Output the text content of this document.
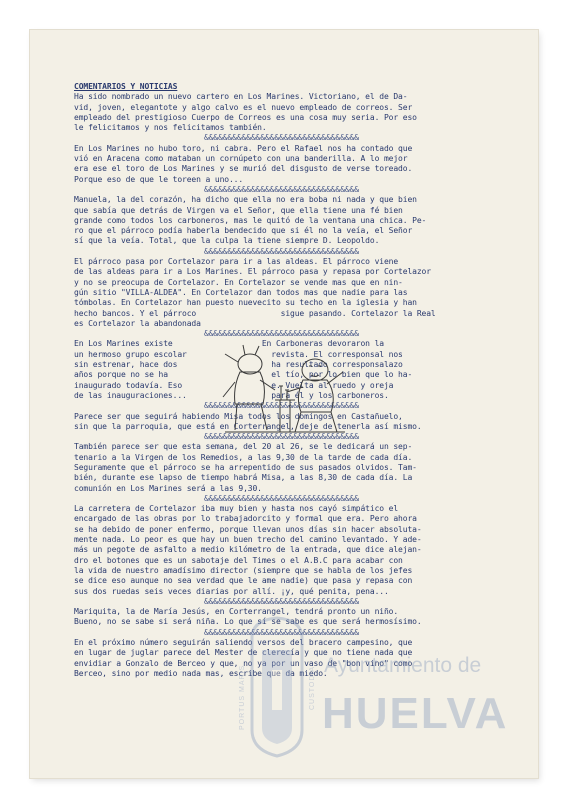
COMENTARIOS Y NOTICIAS

Ha sido nombrado un nuevo cartero en Los Marines. Victoriano, el de Da-

vid, joven, elegantote y algo calvo es el nuevo empleado de correos. Ser

empleado del prestigioso Cuerpo de Correos es una cosa muy seria. Por eso

le felicitamos y nos felicitamos también.

&&&&&&&&&&&&&&&&&&&&&&&&&&&&&&&&&

En Los Marines no hubo toro, ni cabra. Pero el Rafael nos ha contado que

vió en Aracena como mataban un cornúpeto con una banderilla. A lo mejor

era ese el toro de Los Marines y se murió del disgusto de verse toreado.

Porque eso de que le toreen a uno...

&&&&&&&&&&&&&&&&&&&&&&&&&&&&&&&&&

Manuela, la del corazón, ha dicho que ella no era boba ni nada y que bien

que sabía que detrás de Virgen va el Señor, que ella tiene una fé bien

grande como todos los carboneros, mas le quitó de la ventana una chica. Pe-

ro que el párroco podía haberla bendecido que si él no la veía, el Señor

sí que la veía. Total, que la culpa la tiene siempre D. Leopoldo.

&&&&&&&&&&&&&&&&&&&&&&&&&&&&&&&&&

El párroco pasa por Cortelazor para ir a las aldeas. El párroco viene

de las aldeas para ir a Los Marines. El párroco pasa y repasa por Cortelazor

y no se preocupa de Cortelazor. En Cortelazor se vende mas que en nin-

gún sitio "VILLA-ALDEA". En Cortelazor dan todos mas que nadie para las

tómbolas. En Cortelazor han puesto nuevecito su techo en la iglesia y han

hecho bancos. Y el párroco                  sigue pasando. Cortelazor la Real

es Cortelazor la abandonada

&&&&&&&&&&&&&&&&&&&&&&&&&&&&&&&&&

En Los Marines existe                   En Carboneras devoraron la

un hermoso grupo escolar                  revista. El corresponsal nos

sin estrenar, hace dos                    ha resultado corresponsalazo

años porque no se ha                      el tío, por lo bien que lo ha-

inaugurado todavía. Eso                   e. Vuelta al ruedo y oreja

de las inauguraciones...                  para él y los carboneros.

&&&&&&&&&&&&&&&&&&&&&&&&&&&&&&&&&

Parece ser que seguirá habiendo Misa todos los domingos en Castañuelo,

sin que la parroquia, que está en Corterrangel, deje de tenerla así mismo.

&&&&&&&&&&&&&&&&&&&&&&&&&&&&&&&&&

También parece ser que esta semana, del 20 al 26, se le dedicará un sep-

tenario a la Virgen de los Remedios, a las 9,30 de la tarde de cada día.

Seguramente que el párroco se ha arrepentido de sus pasados olvidos. Tam-

bién, durante ese lapso de tiempo habrá Misa, a las 8,30 de cada día. La

comunión en Los Marines será a las 9,30.

&&&&&&&&&&&&&&&&&&&&&&&&&&&&&&&&&

La carretera de Cortelazor iba muy bien y hasta nos cayó simpático el

encargado de las obras por lo trabajadorcito y formal que era. Pero ahora

se ha debido de poner enfermo, porque llevan unos días sin hacer absoluta-

mente nada. Lo peor es que hay un buen trecho del camino levantado. Y ade-

más un pegote de asfalto a medio kilómetro de la entrada, que dice alejan-

dro el botones que es un sabotaje del Times o el A.B.C para acabar con

la vida de nuestro amadísimo director (siempre que se habla de los jefes

se dice eso aunque no sea verdad que le ame nadie) que pasa y repasa con

sus dos ruedas seis veces diarias por allí. ¡y, qué penita, pena...

&&&&&&&&&&&&&&&&&&&&&&&&&&&&&&&&&

Mariquita, la de María Jesús, en Corterrangel, tendrá pronto un niño.

Bueno, no se sabe si será niña. Lo que sí se sabe es que será hermosísimo.

&&&&&&&&&&&&&&&&&&&&&&&&&&&&&&&&&

En el próximo número seguirán saliendo versos del bracero campesino, que

en lugar de juglar parece del Mester de clerecía y que no tiene nada que

envidiar a Gonzalo de Berceo y que, no ya por un vaso de "bon vino" como

Berceo, sino por medio nada mas, escribe que da miedo.

PORTUS MARIS	CUSTODIA
Ayuntamiento de
HUELVA
